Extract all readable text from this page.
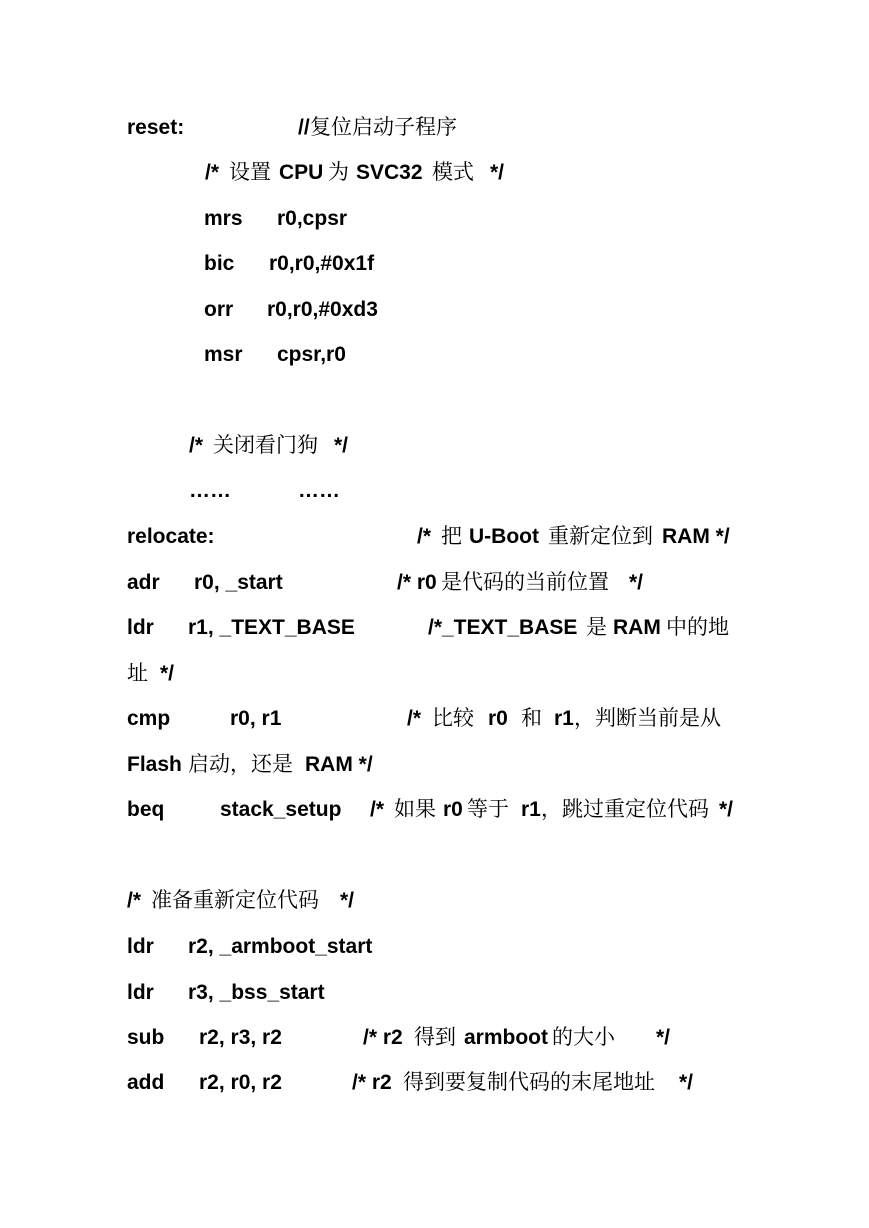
reset:	// 复位启动子程序
/* 设置 CPU 为 SVC32 模式 */
mrs r0,cpsr
bic r0,r0,#0x1f
orr r0,r0,#0xd3
msr cpsr,r0
/* 关闭看门狗 */
……	……
relocate:	/* 把 U-Boot 重新定位到 RAM */
adr r0, _start	/* r0 是代码的当前位置 */
ldr r1, _TEXT_BASE	/*_TEXT_BASE 是 RAM 中的地
址 */
cmp	r0, r1	/* 比较 r0 和 r1 ，判断当前是从
Flash 启动，还是 RAM */
beq	stack_setup /* 如果 r0 等于 r1 ，跳过重定位代码 */
/* 准备重新定位代码 */
ldr r2, _armboot_start
ldr r3, _bss_start
sub r2, r3, r2	/* r2 得到 armboot 的大小 */
add r2, r0, r2	/* r2 得到要复制代码的末尾地址 */
